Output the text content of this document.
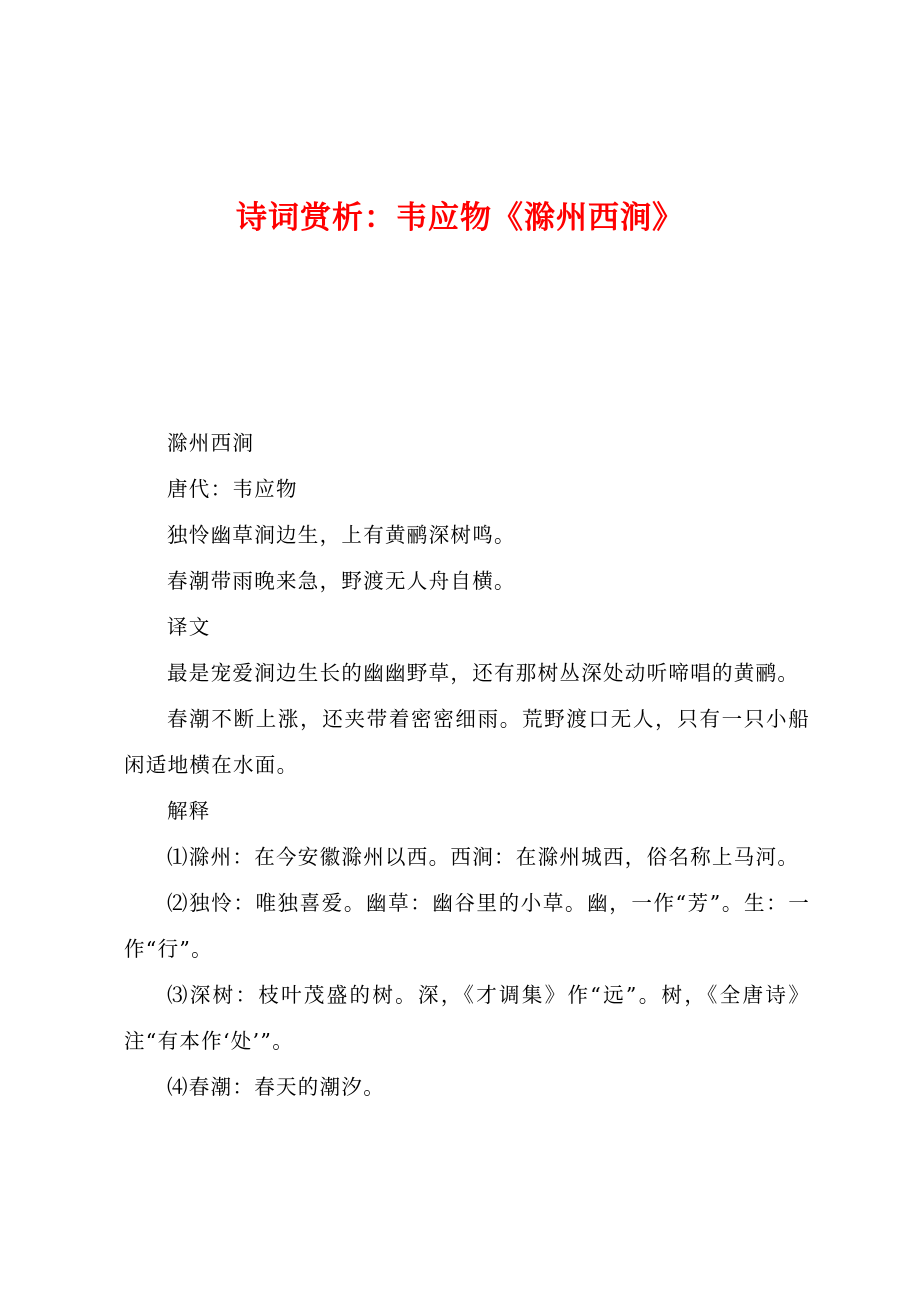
诗词赏析：韦应物《滁州西涧》

滁州西涧

唐代：韦应物

独怜幽草涧边生，上有黄鹂深树鸣。

春潮带雨晚来急，野渡无人舟自横。

译文

最是宠爱涧边生长的幽幽野草，还有那树丛深处动听啼唱的黄鹂。

春潮不断上涨，还夹带着密密细雨。荒野渡口无人，只有一只小船闲适地横在水面。

解释

⑴滁州：在今安徽滁州以西。西涧：在滁州城西，俗名称上马河。

⑵独怜：唯独喜爱。幽草：幽谷里的小草。幽，一作“芳”。生：一作“行”。

⑶深树：枝叶茂盛的树。深，《才调集》作“远”。树，《全唐诗》注“有本作‘处’”。

⑷春潮：春天的潮汐。
